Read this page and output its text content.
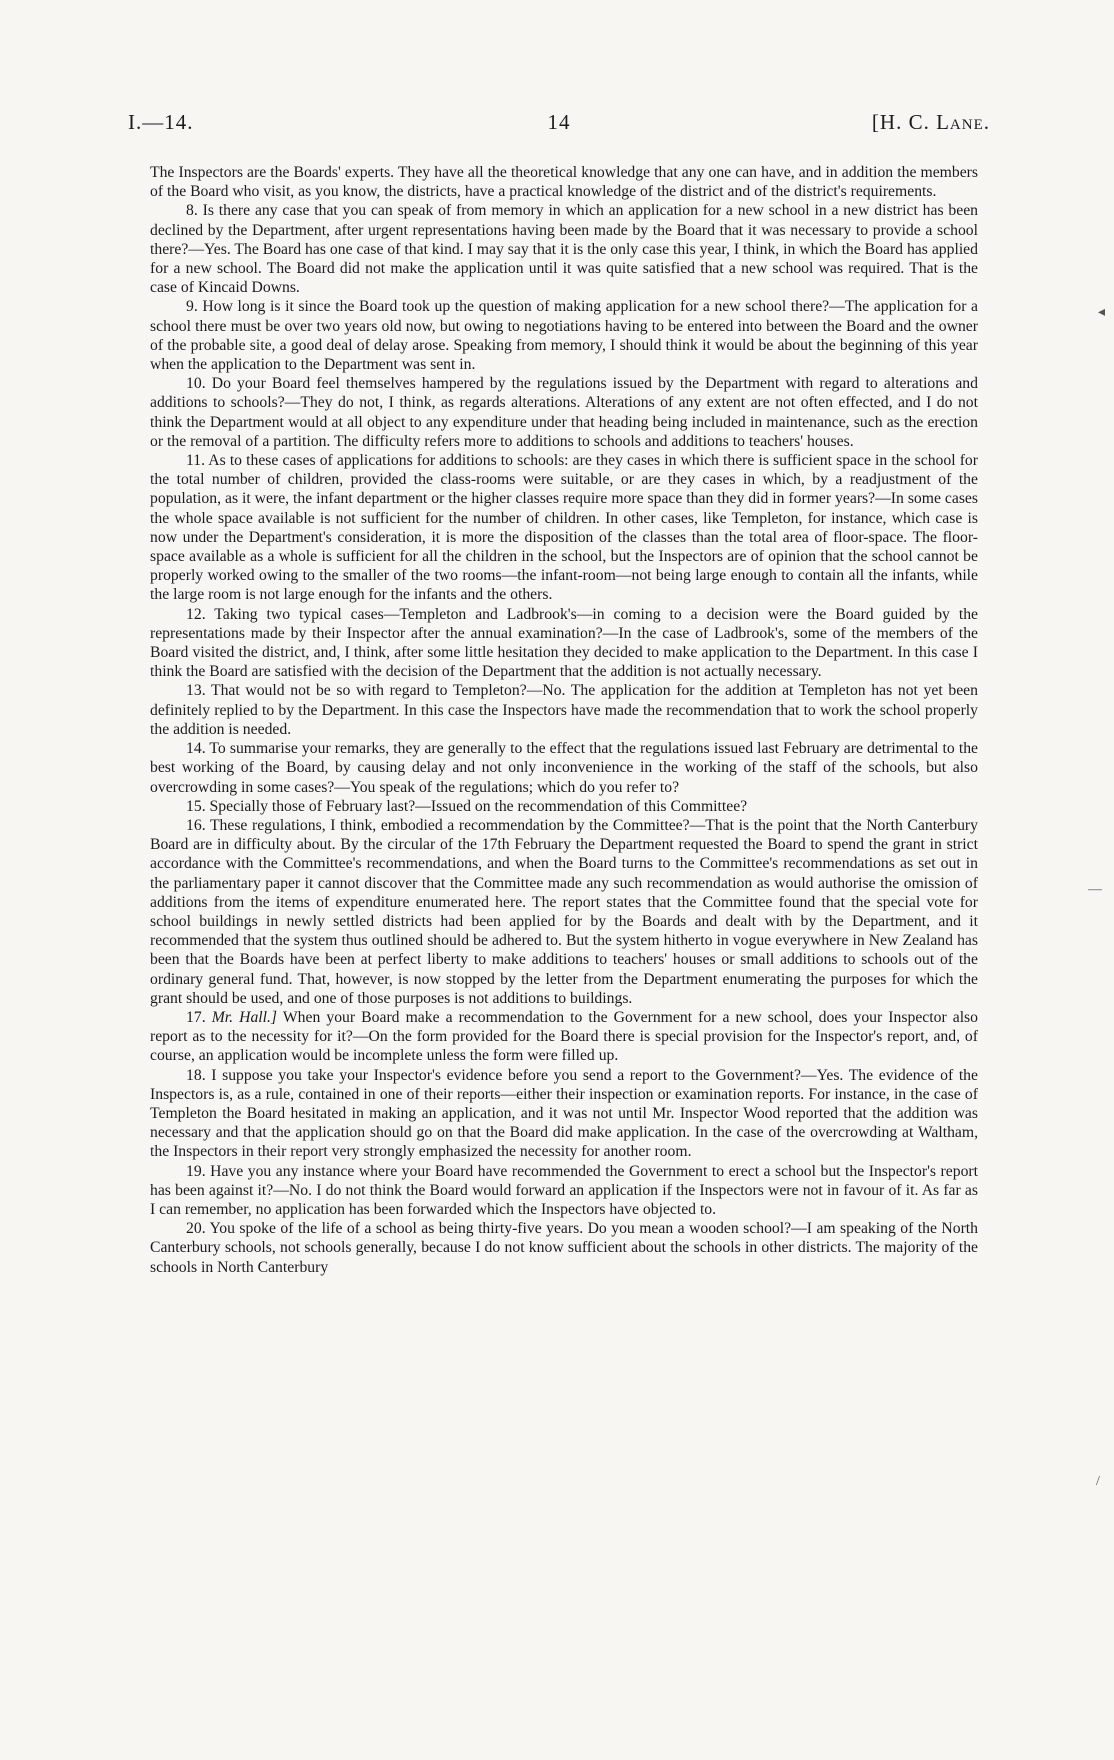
I.—14.	14	[H. C. Lane.

The Inspectors are the Boards' experts. They have all the theoretical knowledge that any one can have, and in addition the members of the Board who visit, as you know, the districts, have a practical knowledge of the district and of the district's requirements.

8. Is there any case that you can speak of from memory in which an application for a new school in a new district has been declined by the Department, after urgent representations having been made by the Board that it was necessary to provide a school there?—Yes. The Board has one case of that kind. I may say that it is the only case this year, I think, in which the Board has applied for a new school. The Board did not make the application until it was quite satisfied that a new school was required. That is the case of Kincaid Downs.

9. How long is it since the Board took up the question of making application for a new school there?—The application for a school there must be over two years old now, but owing to negotiations having to be entered into between the Board and the owner of the probable site, a good deal of delay arose. Speaking from memory, I should think it would be about the beginning of this year when the application to the Department was sent in.

10. Do your Board feel themselves hampered by the regulations issued by the Department with regard to alterations and additions to schools?—They do not, I think, as regards alterations. Alterations of any extent are not often effected, and I do not think the Department would at all object to any expenditure under that heading being included in maintenance, such as the erection or the removal of a partition. The difficulty refers more to additions to schools and additions to teachers' houses.

11. As to these cases of applications for additions to schools: are they cases in which there is sufficient space in the school for the total number of children, provided the class-rooms were suitable, or are they cases in which, by a readjustment of the population, as it were, the infant department or the higher classes require more space than they did in former years?—In some cases the whole space available is not sufficient for the number of children. In other cases, like Templeton, for instance, which case is now under the Department's consideration, it is more the disposition of the classes than the total area of floor-space. The floor-space available as a whole is sufficient for all the children in the school, but the Inspectors are of opinion that the school cannot be properly worked owing to the smaller of the two rooms—the infant-room—not being large enough to contain all the infants, while the large room is not large enough for the infants and the others.

12. Taking two typical cases—Templeton and Ladbrook's—in coming to a decision were the Board guided by the representations made by their Inspector after the annual examination?—In the case of Ladbrook's, some of the members of the Board visited the district, and, I think, after some little hesitation they decided to make application to the Department. In this case I think the Board are satisfied with the decision of the Department that the addition is not actually necessary.

13. That would not be so with regard to Templeton?—No. The application for the addition at Templeton has not yet been definitely replied to by the Department. In this case the Inspectors have made the recommendation that to work the school properly the addition is needed.

14. To summarise your remarks, they are generally to the effect that the regulations issued last February are detrimental to the best working of the Board, by causing delay and not only inconvenience in the working of the staff of the schools, but also overcrowding in some cases?—You speak of the regulations; which do you refer to?

15. Specially those of February last?—Issued on the recommendation of this Committee?

16. These regulations, I think, embodied a recommendation by the Committee?—That is the point that the North Canterbury Board are in difficulty about. By the circular of the 17th February the Department requested the Board to spend the grant in strict accordance with the Committee's recommendations, and when the Board turns to the Committee's recommendations as set out in the parliamentary paper it cannot discover that the Committee made any such recommendation as would authorise the omission of additions from the items of expenditure enumerated here. The report states that the Committee found that the special vote for school buildings in newly settled districts had been applied for by the Boards and dealt with by the Department, and it recommended that the system thus outlined should be adhered to. But the system hitherto in vogue everywhere in New Zealand has been that the Boards have been at perfect liberty to make additions to teachers' houses or small additions to schools out of the ordinary general fund. That, however, is now stopped by the letter from the Department enumerating the purposes for which the grant should be used, and one of those purposes is not additions to buildings.

17. Mr. Hall.] When your Board make a recommendation to the Government for a new school, does your Inspector also report as to the necessity for it?—On the form provided for the Board there is special provision for the Inspector's report, and, of course, an application would be incomplete unless the form were filled up.

18. I suppose you take your Inspector's evidence before you send a report to the Government?—Yes. The evidence of the Inspectors is, as a rule, contained in one of their reports—either their inspection or examination reports. For instance, in the case of Templeton the Board hesitated in making an application, and it was not until Mr. Inspector Wood reported that the addition was necessary and that the application should go on that the Board did make application. In the case of the overcrowding at Waltham, the Inspectors in their report very strongly emphasized the necessity for another room.

19. Have you any instance where your Board have recommended the Government to erect a school but the Inspector's report has been against it?—No. I do not think the Board would forward an application if the Inspectors were not in favour of it. As far as I can remember, no application has been forwarded which the Inspectors have objected to.

20. You spoke of the life of a school as being thirty-five years. Do you mean a wooden school?—I am speaking of the North Canterbury schools, not schools generally, because I do not know sufficient about the schools in other districts. The majority of the schools in North Canterbury

◂
—
/
